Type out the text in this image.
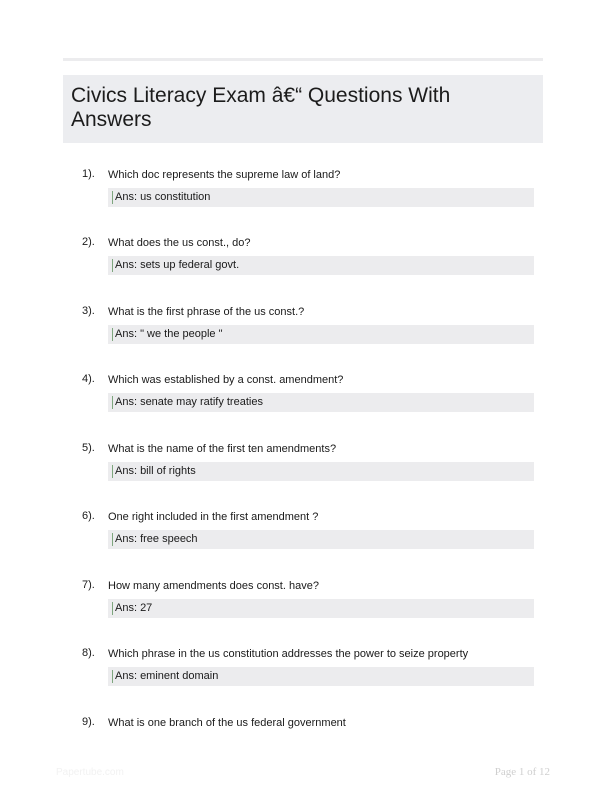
Civics Literacy Exam â€“ Questions With Answers
1). Which doc represents the supreme law of land?
Ans: us constitution
2). What does the us const., do?
Ans: sets up federal govt.
3). What is the first phrase of the us const.?
Ans: " we the people "
4). Which was established by a const. amendment?
Ans: senate may ratify treaties
5). What is the name of the first ten amendments?
Ans: bill of rights
6). One right included in the first amendment ?
Ans: free speech
7). How many amendments does const. have?
Ans: 27
8). Which phrase in the us constitution addresses the power to seize property
Ans: eminent domain
9). What is one branch of the us federal government
Papertube.com	Page 1 of 12
